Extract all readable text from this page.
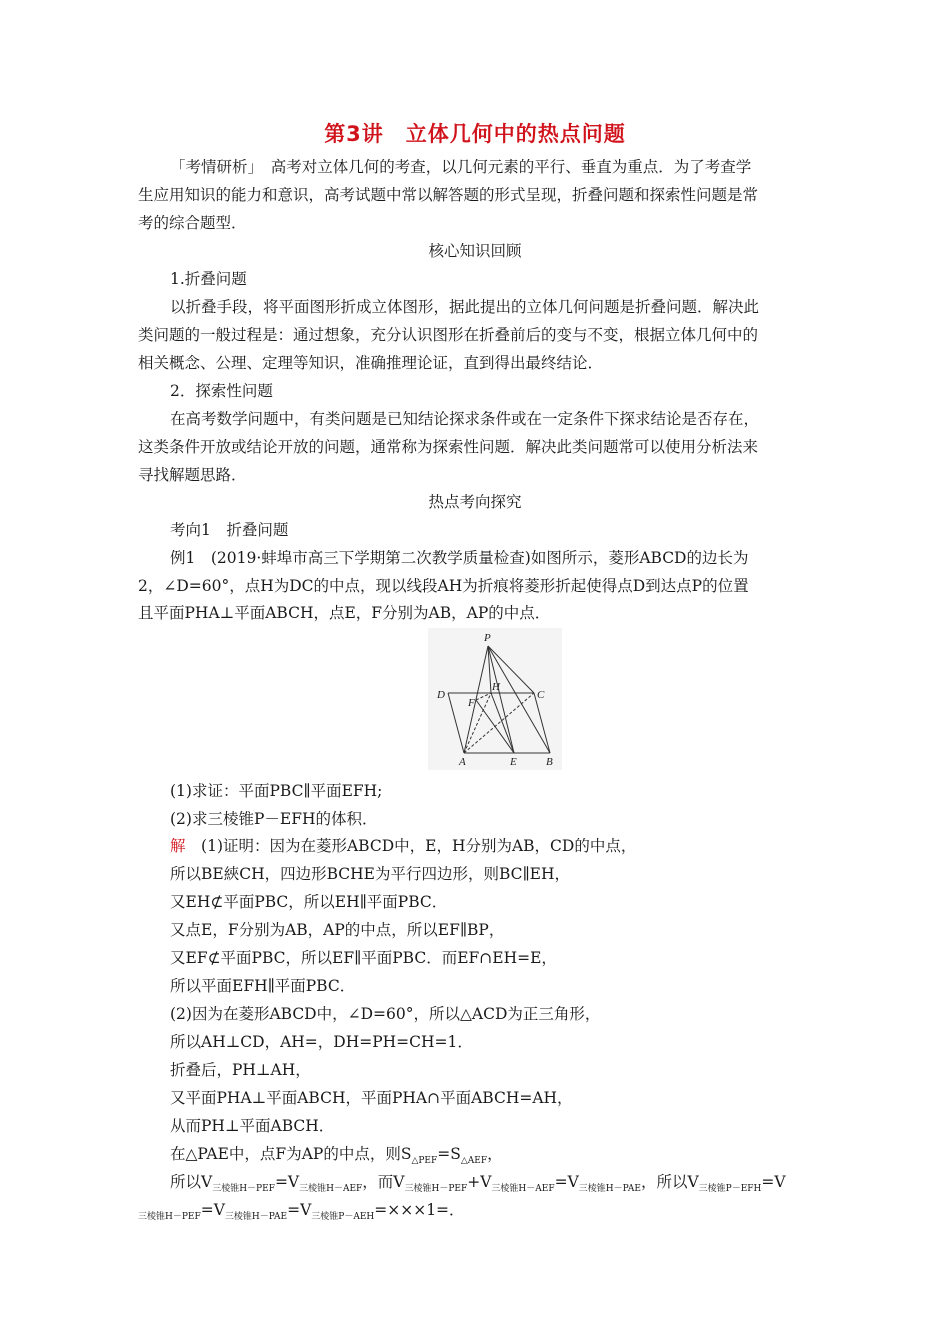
第3讲　立体几何中的热点问题
「考情研析」　高考对立体几何的考查，以几何元素的平行、垂直为重点．为了考查学
生应用知识的能力和意识，高考试题中常以解答题的形式呈现，折叠问题和探索性问题是常
考的综合题型．
核心知识回顾
1.折叠问题
以折叠手段，将平面图形折成立体图形，据此提出的立体几何问题是折叠问题．解决此
类问题的一般过程是：通过想象，充分认识图形在折叠前后的变与不变，根据立体几何中的
相关概念、公理、定理等知识，准确推理论证，直到得出最终结论．
2．探索性问题
在高考数学问题中，有类问题是已知结论探求条件或在一定条件下探求结论是否存在，
这类条件开放或结论开放的问题，通常称为探索性问题．解决此类问题常可以使用分析法来
寻找解题思路．
热点考向探究
考向1　折叠问题
例1　(2019·蚌埠市高三下学期第二次教学质量检查)如图所示，菱形ABCD的边长为
2，∠D=60°，点H为DC的中点，现以线段AH为折痕将菱形折起使得点D到达点P的位置
且平面PHA⊥平面ABCH，点E，F分别为AB，AP的中点．
P
D	C
H
F
A	E	B
(1)求证：平面PBC∥平面EFH;
(2)求三棱锥P－EFH的体积．
解　 (1)证明：因为在菱形ABCD中，E，H分别为AB，CD的中点，
所以BE綊CH，四边形BCHE为平行四边形，则BC∥EH，
又EH⊄平面PBC，所以EH∥平面PBC．
又点E，F分别为AB，AP的中点，所以EF∥BP，
又EF⊄平面PBC，所以EF∥平面PBC．而EF∩EH=E，
所以平面EFH∥平面PBC．
(2)因为在菱形ABCD中，∠D=60°，所以△ACD为正三角形，
所以AH⊥CD，AH=，DH=PH=CH=1．
折叠后，PH⊥AH，
又平面PHA⊥平面ABCH，平面PHA∩平面ABCH=AH，
从而PH⊥平面ABCH．
在△PAE中，点F为AP的中点，则$S_{\triangle PEF}=S_{\triangle AEF}$，
所以$V_{三棱锥H-PEF}=V_{三棱锥H-AEF}$，而$V_{三棱锥H-PEF}+V_{三棱锥H-AEF}=V_{三棱锥H-PAE}$，所以$V_{三棱锥P-EFH}=V$
$_{三棱锥H-PEF}=V_{三棱锥H-PAE}=V_{三棱锥P-AEH}=\times\times\times 1=$．
